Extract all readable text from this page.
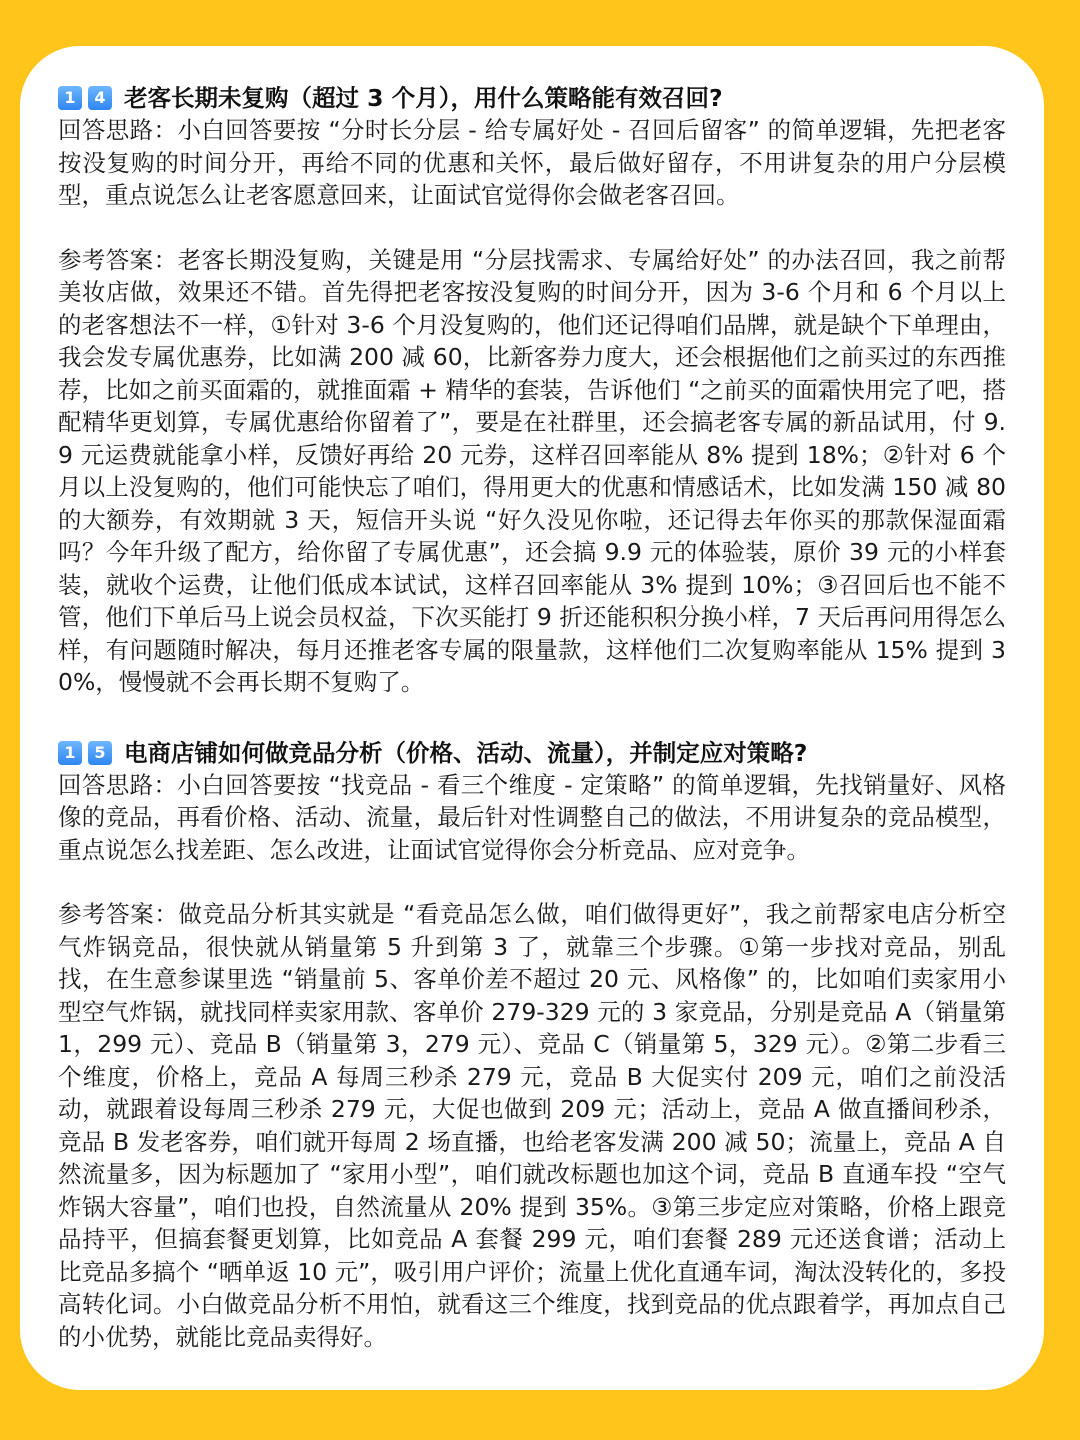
1	4 老客长期未复购（超过 3 个月），用什么策略能有效召回?

回答思路：小白回答要按 “分时长分层 - 给专属好处 - 召回后留客” 的简单逻辑，先把老客按没复购的时间分开，再给不同的优惠和关怀，最后做好留存，不用讲复杂的用户分层模型，重点说怎么让老客愿意回来，让面试官觉得你会做老客召回。

参考答案：老客长期没复购，关键是用 “分层找需求、专属给好处” 的办法召回，我之前帮美妆店做，效果还不错。首先得把老客按没复购的时间分开，因为 3-6 个月和 6 个月以上的老客想法不一样，①针对 3-6 个月没复购的，他们还记得咱们品牌，就是缺个下单理由，我会发专属优惠券，比如满 200 减 60，比新客券力度大，还会根据他们之前买过的东西推荐，比如之前买面霜的，就推面霜 + 精华的套装，告诉他们 “之前买的面霜快用完了吧，搭配精华更划算，专属优惠给你留着了”，要是在社群里，还会搞老客专属的新品试用，付 9.9 元运费就能拿小样，反馈好再给 20 元券，这样召回率能从 8% 提到 18%；②针对 6 个月以上没复购的，他们可能快忘了咱们，得用更大的优惠和情感话术，比如发满 150 减 80 的大额券，有效期就 3 天，短信开头说 “好久没见你啦，还记得去年你买的那款保湿面霜吗？今年升级了配方，给你留了专属优惠”，还会搞 9.9 元的体验装，原价 39 元的小样套装，就收个运费，让他们低成本试试，这样召回率能从 3% 提到 10%；③召回后也不能不管，他们下单后马上说会员权益，下次买能打 9 折还能积积分换小样，7 天后再问用得怎么样，有问题随时解决，每月还推老客专属的限量款，这样他们二次复购率能从 15% 提到 30%，慢慢就不会再长期不复购了。

1	5 电商店铺如何做竞品分析（价格、活动、流量），并制定应对策略?

回答思路：小白回答要按 “找竞品 - 看三个维度 - 定策略” 的简单逻辑，先找销量好、风格像的竞品，再看价格、活动、流量，最后针对性调整自己的做法，不用讲复杂的竞品模型，重点说怎么找差距、怎么改进，让面试官觉得你会分析竞品、应对竞争。

参考答案：做竞品分析其实就是 “看竞品怎么做，咱们做得更好”，我之前帮家电店分析空气炸锅竞品，很快就从销量第 5 升到第 3 了，就靠三个步骤。①第一步找对竞品，别乱找，在生意参谋里选 “销量前 5、客单价差不超过 20 元、风格像” 的，比如咱们卖家用小型空气炸锅，就找同样卖家用款、客单价 279-329 元的 3 家竞品，分别是竞品 A（销量第 1，299 元）、竞品 B（销量第 3，279 元）、竞品 C（销量第 5，329 元）。②第二步看三个维度，价格上，竞品 A 每周三秒杀 279 元，竞品 B 大促实付 209 元，咱们之前没活动，就跟着设每周三秒杀 279 元，大促也做到 209 元；活动上，竞品 A 做直播间秒杀，竞品 B 发老客券，咱们就开每周 2 场直播，也给老客发满 200 减 50；流量上，竞品 A 自然流量多，因为标题加了 “家用小型”，咱们就改标题也加这个词，竞品 B 直通车投 “空气炸锅大容量”，咱们也投，自然流量从 20% 提到 35%。③第三步定应对策略，价格上跟竞品持平，但搞套餐更划算，比如竞品 A 套餐 299 元，咱们套餐 289 元还送食谱；活动上比竞品多搞个 “晒单返 10 元”，吸引用户评价；流量上优化直通车词，淘汰没转化的，多投高转化词。小白做竞品分析不用怕，就看这三个维度，找到竞品的优点跟着学，再加点自己的小优势，就能比竞品卖得好。
